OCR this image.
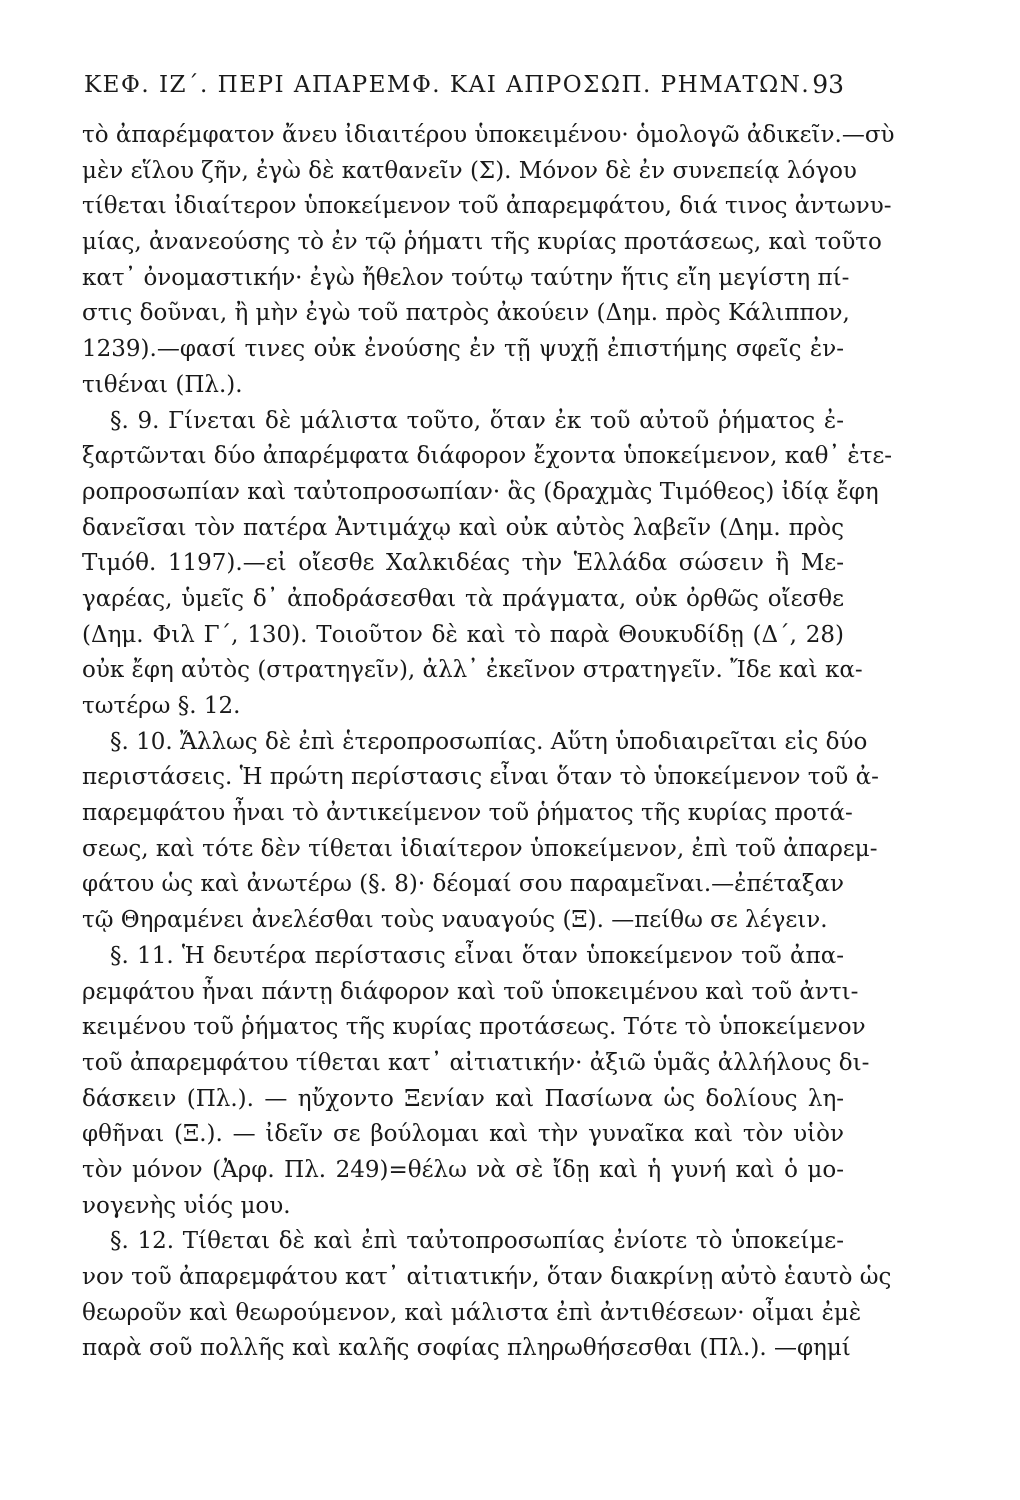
ΚΕΦ. ΙΖ΄. ΠΕΡΙ ΑΠΑΡΕΜΦ. ΚΑΙ ΑΠΡΟΣΩΠ. ΡΗΜΑΤΩΝ. 93
τὸ ἀπαρέμφατον ἄνευ ἰδιαιτέρου ὑποκειμένου· ὁμολογῶ ἀδικεῖν.—σὺ
μὲν εἵλου ζῆν, ἐγὼ δὲ κατθανεῖν (Σ). Μόνον δὲ ἐν συνεπείᾳ λόγου
τίθεται ἰδιαίτερον ὑποκείμενον τοῦ ἀπαρεμφάτου, διά τινος ἀντωνυ-
μίας, ἀνανεούσης τὸ ἐν τῷ ῥήματι τῆς κυρίας προτάσεως, καὶ τοῦτο
κατ᾽ ὀνομαστικήν· ἐγὼ ἤθελον τούτῳ ταύτην ἥτις εἴη μεγίστη πί-
στις δοῦναι, ἢ μὴν ἐγὼ τοῦ πατρὸς ἀκούειν (Δημ. πρὸς Κάλιππον,
1239).—φασί τινες οὐκ ἐνούσης ἐν τῇ ψυχῇ ἐπιστήμης σφεῖς ἐν-
τιθέναι (Πλ.).
§. 9. Γίνεται δὲ μάλιστα τοῦτο, ὅταν ἐκ τοῦ αὐτοῦ ῥήματος ἐ-
ξαρτῶνται δύο ἀπαρέμφατα διάφορον ἔχοντα ὑποκείμενον, καθ᾽ ἑτε-
ροπροσωπίαν καὶ ταὐτοπροσωπίαν· ἃς (δραχμὰς Τιμόθεος) ἰδίᾳ ἔφη
δανεῖσαι τὸν πατέρα Ἀντιμάχῳ καὶ οὐκ αὐτὸς λαβεῖν (Δημ. πρὸς
Τιμόθ. 1197).—εἰ οἴεσθε Χαλκιδέας τὴν Ἑλλάδα σώσειν ἢ Με-
γαρέας, ὑμεῖς δ᾽ ἀποδράσεσθαι τὰ πράγματα, οὐκ ὀρθῶς οἴεσθε
(Δημ. Φιλ Γ΄, 130). Τοιοῦτον δὲ καὶ τὸ παρὰ Θουκυδίδῃ (Δ΄, 28)
οὐκ ἔφη αὐτὸς (στρατηγεῖν), ἀλλ᾽ ἐκεῖνον στρατηγεῖν. Ἴδε καὶ κα-
τωτέρω §. 12.
§. 10. Ἄλλως δὲ ἐπὶ ἑτεροπροσωπίας. Αὕτη ὑποδιαιρεῖται εἰς δύο
περιστάσεις. Ἡ πρώτη περίστασις εἶναι ὅταν τὸ ὑποκείμενον τοῦ ἀ-
παρεμφάτου ἦναι τὸ ἀντικείμενον τοῦ ῥήματος τῆς κυρίας προτά-
σεως, καὶ τότε δὲν τίθεται ἰδιαίτερον ὑποκείμενον, ἐπὶ τοῦ ἀπαρεμ-
φάτου ὡς καὶ ἀνωτέρω (§. 8)· δέομαί σου παραμεῖναι.—ἐπέταξαν
τῷ Θηραμένει ἀνελέσθαι τοὺς ναυαγούς (Ξ). —πείθω σε λέγειν.
§. 11. Ἡ δευτέρα περίστασις εἶναι ὅταν ὑποκείμενον τοῦ ἀπα-
ρεμφάτου ἦναι πάντῃ διάφορον καὶ τοῦ ὑποκειμένου καὶ τοῦ ἀντι-
κειμένου τοῦ ῥήματος τῆς κυρίας προτάσεως. Τότε τὸ ὑποκείμενον
τοῦ ἀπαρεμφάτου τίθεται κατ᾽ αἰτιατικήν· ἀξιῶ ὑμᾶς ἀλλήλους δι-
δάσκειν (Πλ.). — ηὔχοντο Ξενίαν καὶ Πασίωνα ὡς δολίους λη-
φθῆναι (Ξ.). — ἰδεῖν σε βούλομαι καὶ τὴν γυναῖκα καὶ τὸν υἱὸν
τὸν μόνον (Ἀρφ. Πλ. 249)=θέλω νὰ σὲ ἴδῃ καὶ ἡ γυνή καὶ ὁ μο-
νογενὴς υἱός μου.
§. 12. Τίθεται δὲ καὶ ἐπὶ ταὐτοπροσωπίας ἐνίοτε τὸ ὑποκείμε-
νον τοῦ ἀπαρεμφάτου κατ᾽ αἰτιατικήν, ὅταν διακρίνῃ αὐτὸ ἑαυτὸ ὡς
θεωροῦν καὶ θεωρούμενον, καὶ μάλιστα ἐπὶ ἀντιθέσεων· οἶμαι ἐμὲ
παρὰ σοῦ πολλῆς καὶ καλῆς σοφίας πληρωθήσεσθαι (Πλ.). —φημί
